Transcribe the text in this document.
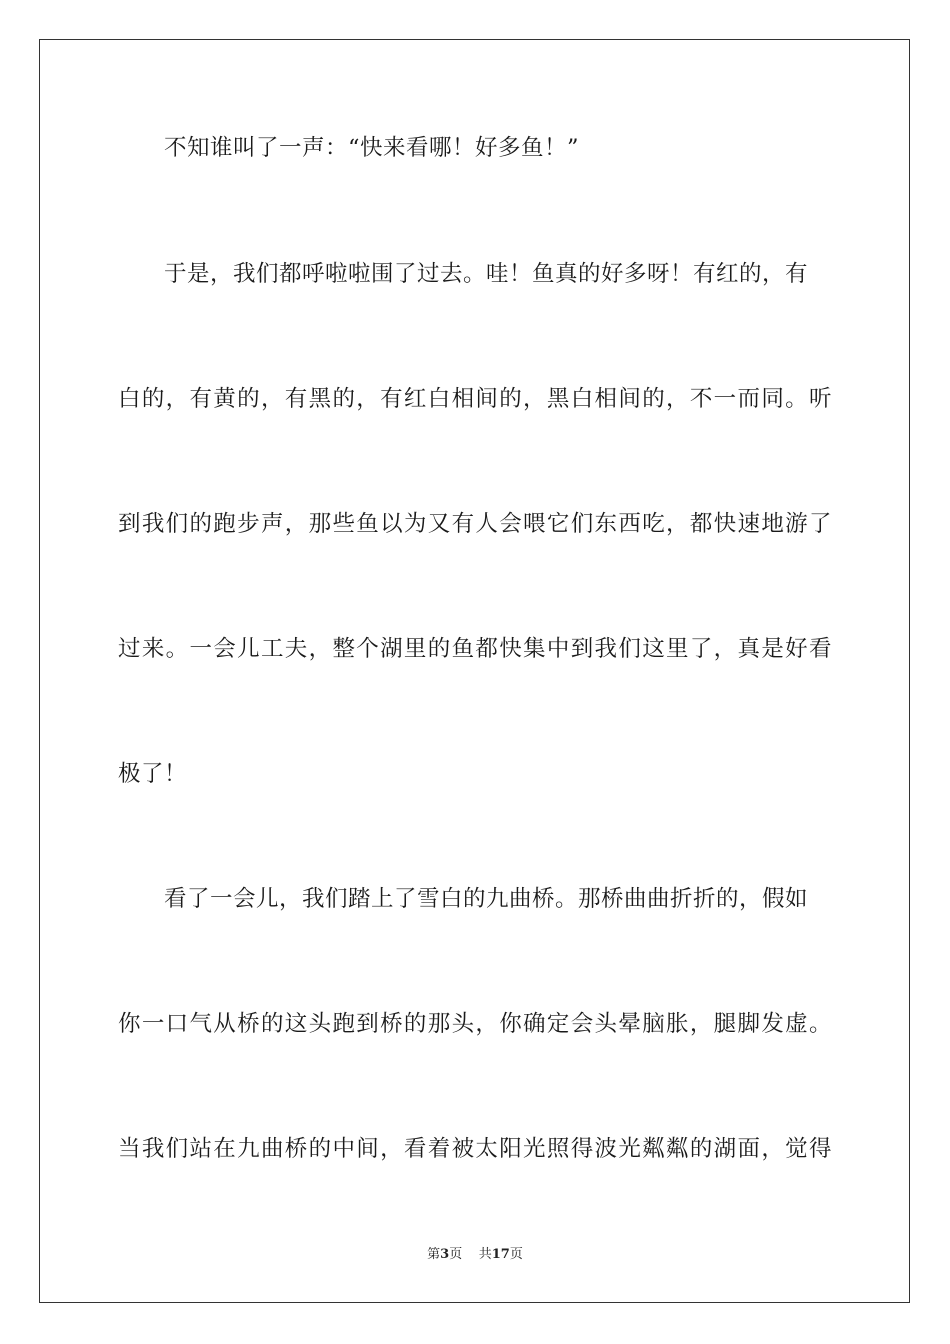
不知谁叫了一声：“快来看哪！好多鱼！”
于是，我们都呼啦啦围了过去。哇！鱼真的好多呀！有红的，有
白的，有黄的，有黑的，有红白相间的，黑白相间的，不一而同。听
到我们的跑步声，那些鱼以为又有人会喂它们东西吃，都快速地游了
过来。一会儿工夫，整个湖里的鱼都快集中到我们这里了，真是好看
极了！
看了一会儿，我们踏上了雪白的九曲桥。那桥曲曲折折的，假如
你一口气从桥的这头跑到桥的那头，你确定会头晕脑胀，腿脚发虚。
当我们站在九曲桥的中间，看着被太阳光照得波光粼粼的湖面，觉得
第3页 共17页
